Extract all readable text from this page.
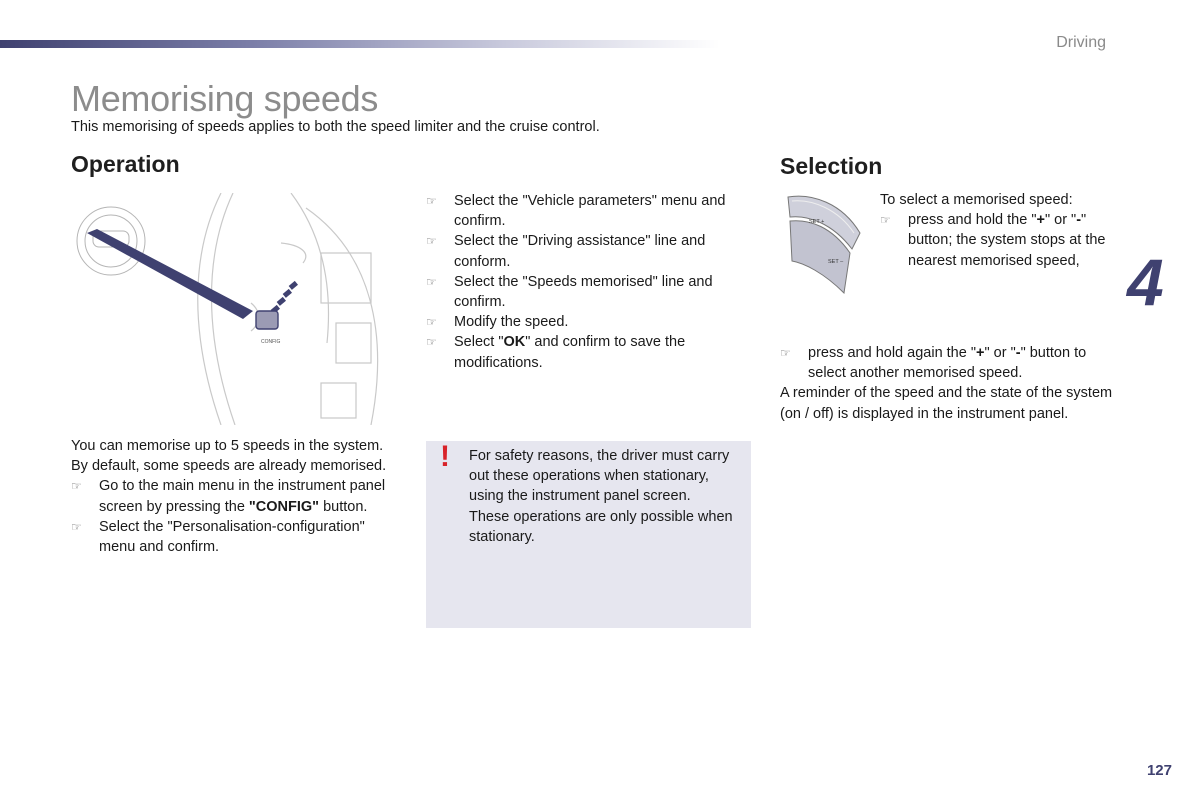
Driving
Memorising speeds
This memorising of speeds applies to both the speed limiter and the cruise control.
Operation
CONFIG
☞ Select the "Vehicle parameters" menu and confirm.
☞ Select the "Driving assistance" line and conform.
☞ Select the "Speeds memorised" line and confirm.
☞ Modify the speed.
☞ Select "OK" and confirm to save the modifications.

You can memorise up to 5 speeds in the system.

By default, some speeds are already memorised.

☞ Go to the main menu in the instrument panel screen by pressing the "CONFIG" button.
☞ Select the "Personalisation-configuration" menu and confirm.
! For safety reasons, the driver must carry out these operations when stationary, using the instrument panel screen.

These operations are only possible when stationary.

Selection
SET +
SET –

To select a memorised speed:

☞ press and hold the "+" or "-" button; the system stops at the nearest memorised speed,
☞ press and hold again the "+" or "-" button to select another memorised speed.

A reminder of the speed and the state of the system (on / off) is displayed in the instrument panel.

4
127
